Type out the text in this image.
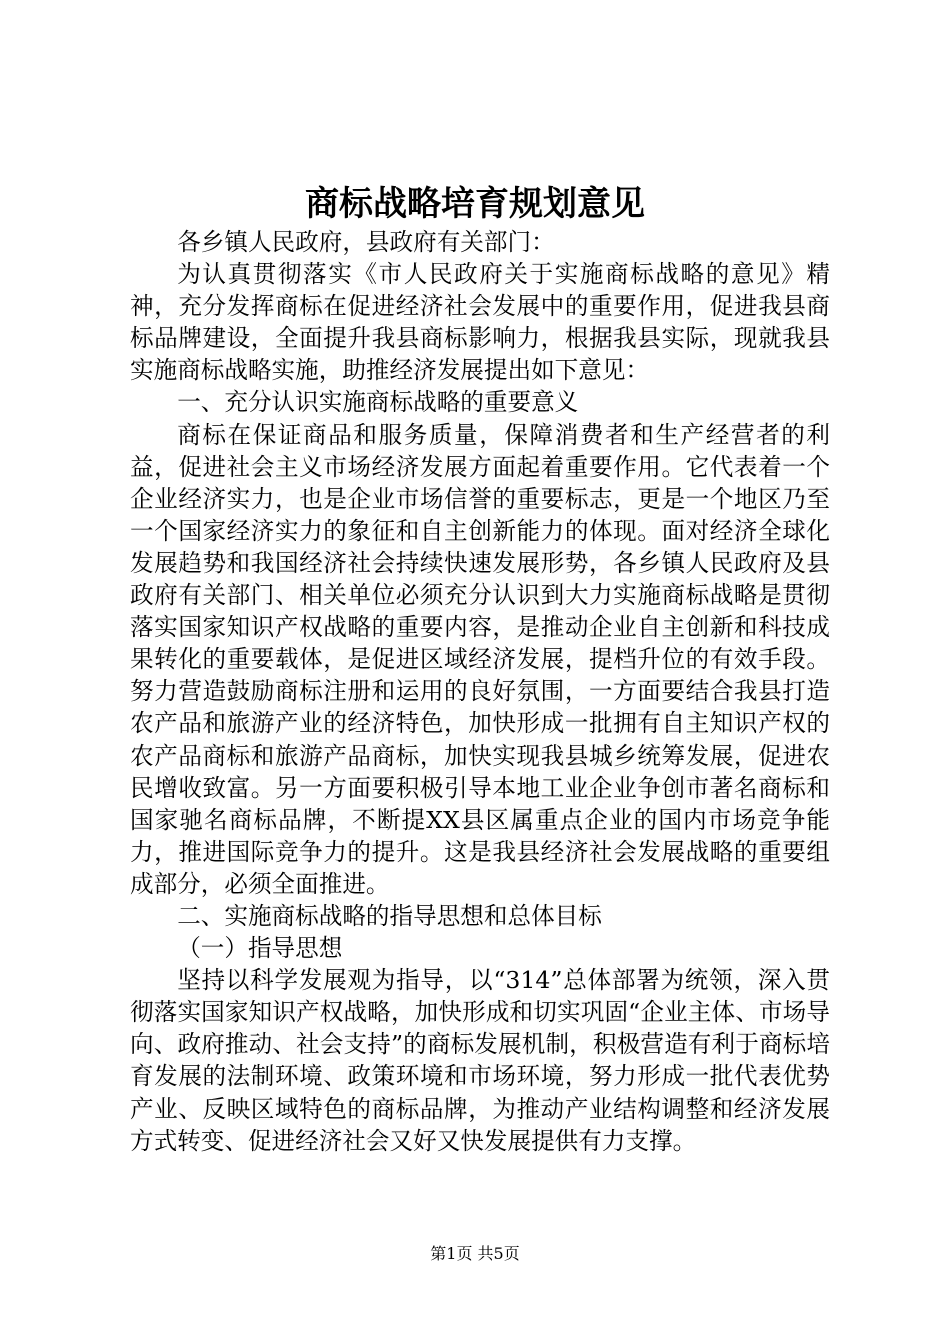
商标战略培育规划意见

各乡镇人民政府，县政府有关部门：

为认真贯彻落实《市人民政府关于实施商标战略的意见》精神，充分发挥商标在促进经济社会发展中的重要作用，促进我县商标品牌建设，全面提升我县商标影响力，根据我县实际，现就我县实施商标战略实施，助推经济发展提出如下意见：

一、充分认识实施商标战略的重要意义

商标在保证商品和服务质量，保障消费者和生产经营者的利益，促进社会主义市场经济发展方面起着重要作用。它代表着一个企业经济实力，也是企业市场信誉的重要标志，更是一个地区乃至一个国家经济实力的象征和自主创新能力的体现。面对经济全球化发展趋势和我国经济社会持续快速发展形势，各乡镇人民政府及县政府有关部门、相关单位必须充分认识到大力实施商标战略是贯彻落实国家知识产权战略的重要内容，是推动企业自主创新和科技成果转化的重要载体，是促进区域经济发展，提档升位的有效手段。努力营造鼓励商标注册和运用的良好氛围，一方面要结合我县打造农产品和旅游产业的经济特色，加快形成一批拥有自主知识产权的农产品商标和旅游产品商标，加快实现我县城乡统筹发展，促进农民增收致富。另一方面要积极引导本地工业企业争创市著名商标和国家驰名商标品牌，不断提XX县区属重点企业的国内市场竞争能力，推进国际竞争力的提升。这是我县经济社会发展战略的重要组成部分，必须全面推进。

二、实施商标战略的指导思想和总体目标

（一）指导思想

坚持以科学发展观为指导，以“314”总体部署为统领，深入贯彻落实国家知识产权战略，加快形成和切实巩固“企业主体、市场导向、政府推动、社会支持”的商标发展机制，积极营造有利于商标培育发展的法制环境、政策环境和市场环境，努力形成一批代表优势产业、反映区域特色的商标品牌，为推动产业结构调整和经济发展方式转变、促进经济社会又好又快发展提供有力支撑。

第1页 共5页
